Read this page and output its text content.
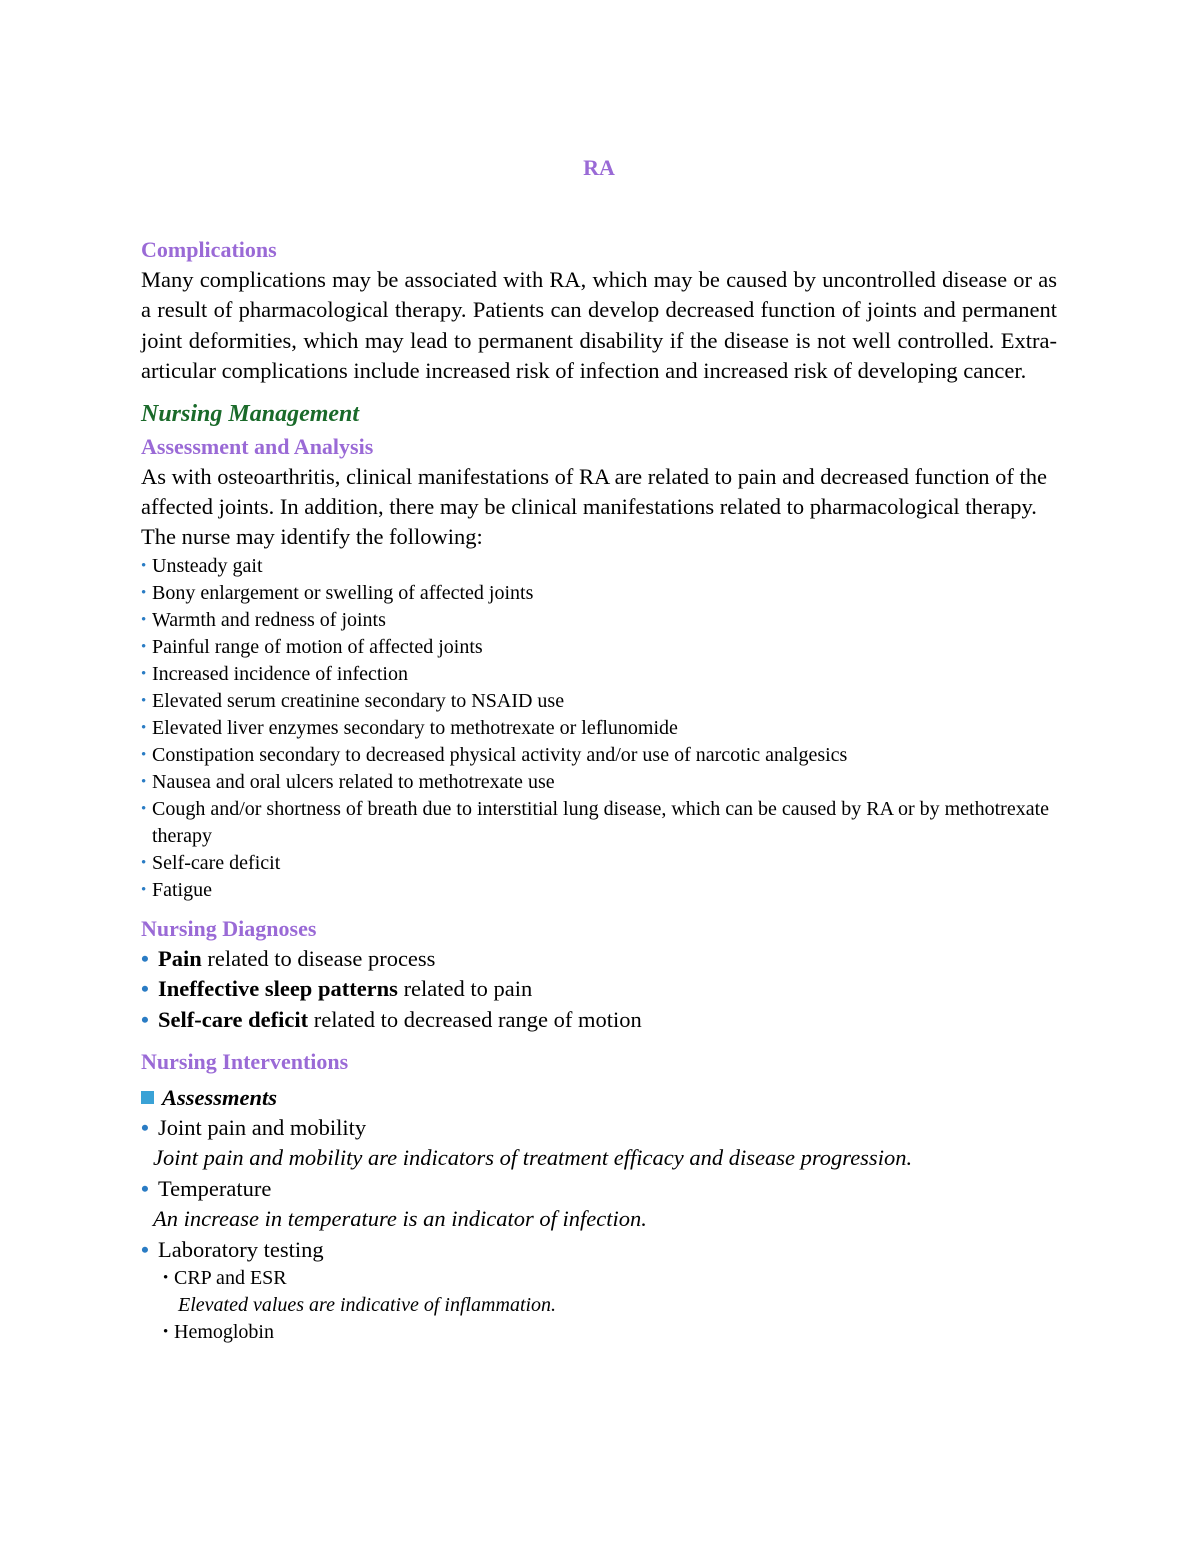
RA
Complications

Many complications may be associated with RA, which may be caused by uncontrolled disease or as a result of pharmacological therapy. Patients can develop decreased function of joints and permanent joint deformities, which may lead to permanent disability if the disease is not well controlled. Extra-articular complications include increased risk of infection and increased risk of developing cancer.

Nursing Management
Assessment and Analysis

As with osteoarthritis, clinical manifestations of RA are related to pain and decreased function of the affected joints. In addition, there may be clinical manifestations related to pharmacological therapy. The nurse may identify the following:

• Unsteady gait
• Bony enlargement or swelling of affected joints
• Warmth and redness of joints
• Painful range of motion of affected joints
• Increased incidence of infection
• Elevated serum creatinine secondary to NSAID use
• Elevated liver enzymes secondary to methotrexate or leflunomide
• Constipation secondary to decreased physical activity and/or use of narcotic analgesics
• Nausea and oral ulcers related to methotrexate use
• Cough and/or shortness of breath due to interstitial lung disease, which can be caused by RA or by methotrexate therapy
• Self-care deficit
• Fatigue
Nursing Diagnoses
• Pain related to disease process
• Ineffective sleep patterns related to pain
• Self-care deficit related to decreased range of motion
Nursing Interventions
Assessments
• Joint pain and mobility
Joint pain and mobility are indicators of treatment efficacy and disease progression.
• Temperature
An increase in temperature is an indicator of infection.
• Laboratory testing
• CRP and ESR
Elevated values are indicative of inflammation.
• Hemoglobin
